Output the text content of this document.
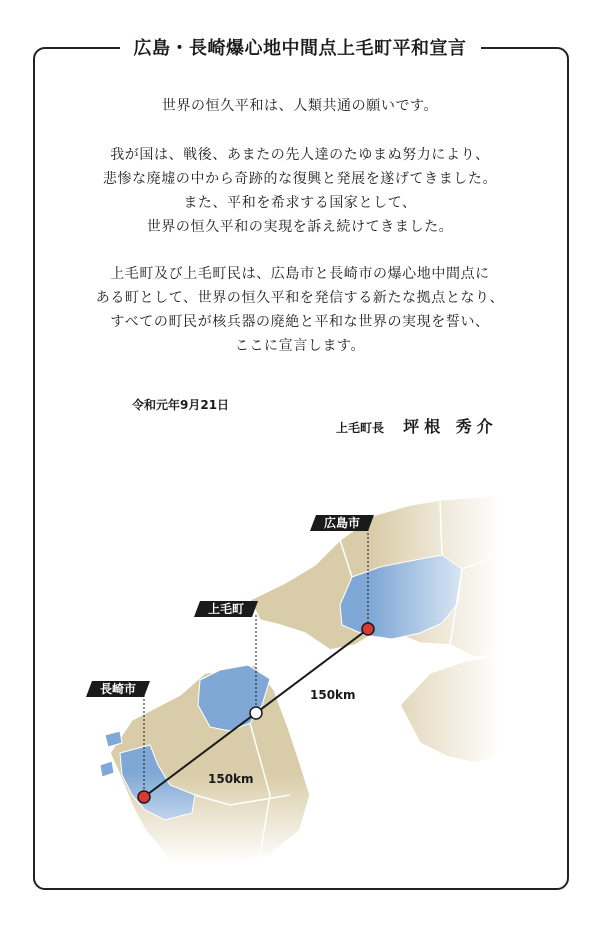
広島・長崎爆心地中間点上毛町平和宣言
世界の恒久平和は、人類共通の願いです。
我が国は、戦後、あまたの先人達のたゆまぬ努力により、
悲惨な廃墟の中から奇跡的な復興と発展を遂げてきました。
また、平和を希求する国家として、
世界の恒久平和の実現を訴え続けてきました。
上毛町及び上毛町民は、広島市と長崎市の爆心地中間点に
ある町として、世界の恒久平和を発信する新たな拠点となり、
すべての町民が核兵器の廃絶と平和な世界の実現を誓い、
ここに宣言します。
令和元年9月21日
上毛町長 坪根 秀介
広島市
上毛町
長崎市	150km
150km
